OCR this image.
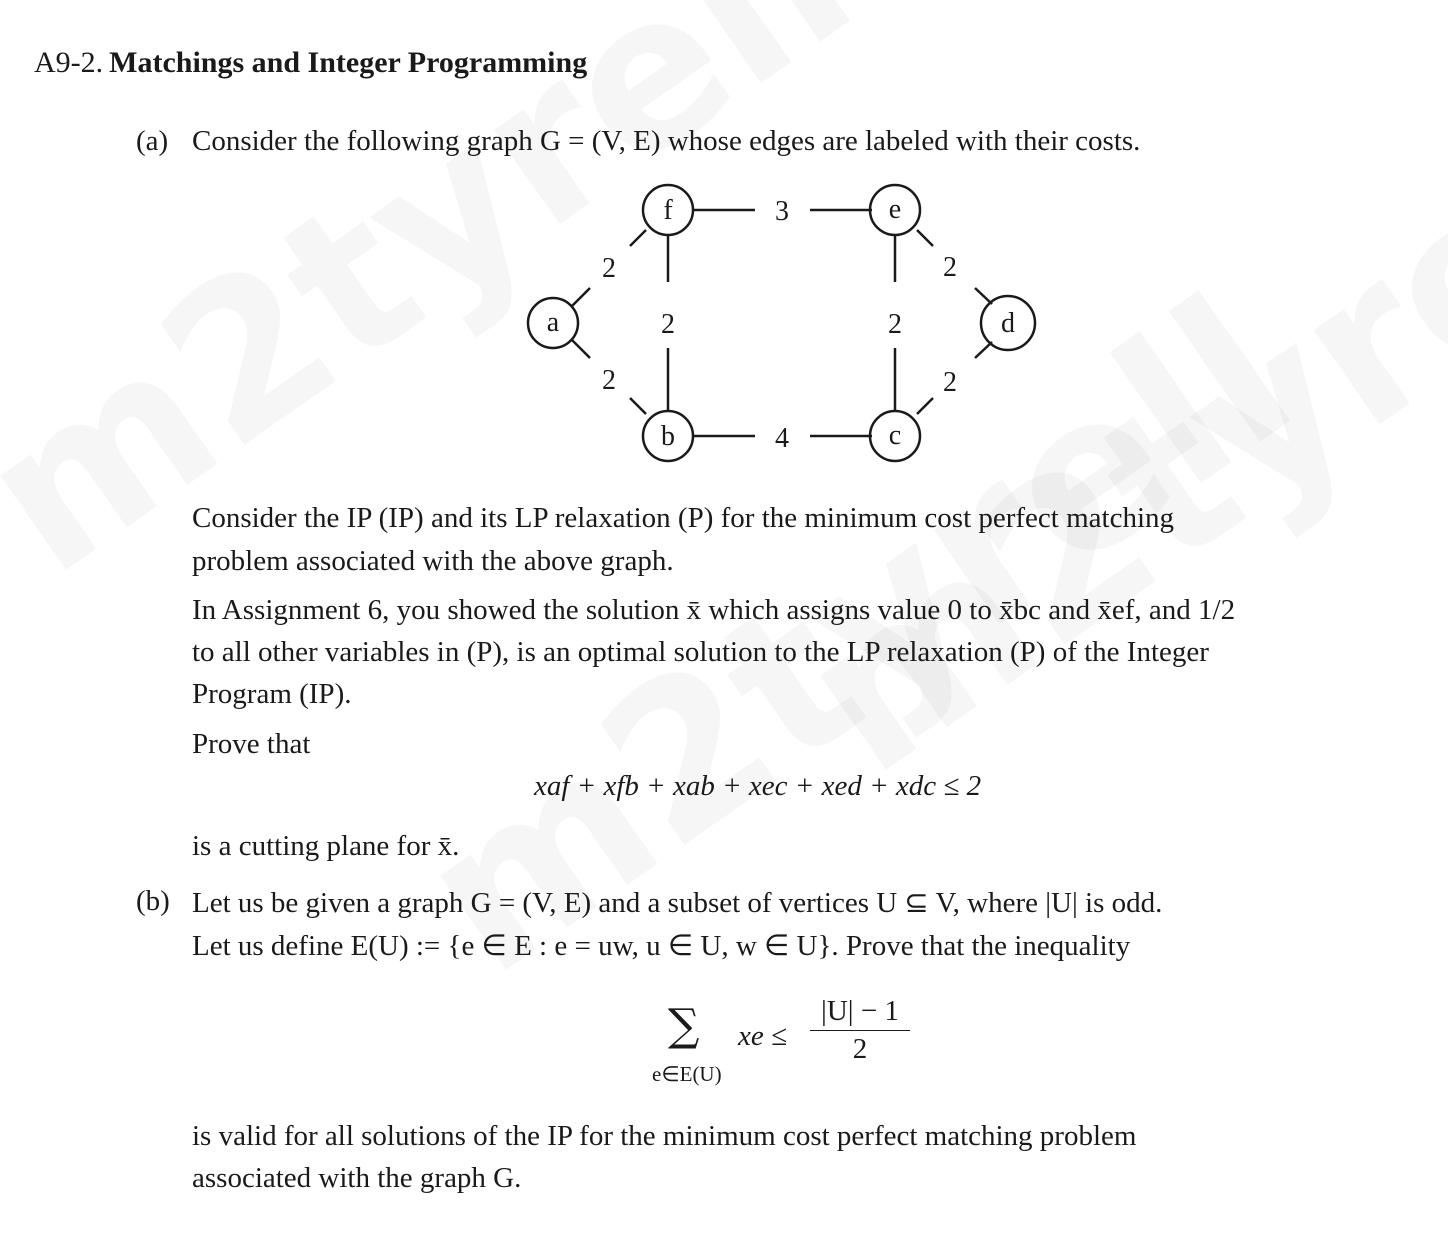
A9-2. Matchings and Integer Programming
(a) Consider the following graph G = (V, E) whose edges are labeled with their costs.
f	e
a	d
b	c
3
4
2
2
2	2
2
2
Consider the IP (IP) and its LP relaxation (P) for the minimum cost perfect matching
problem associated with the above graph.
In Assignment 6, you showed the solution x̄ which assigns value 0 to x̄bc and x̄ef, and 1/2
to all other variables in (P), is an optimal solution to the LP relaxation (P) of the Integer
Program (IP).
Prove that
xaf + xfb + xab + xec + xed + xdc ≤ 2
is a cutting plane for x̄.
(b) Let us be given a graph G = (V, E) and a subset of vertices U ⊆ V, where |U| is odd.
Let us define E(U) := {e ∈ E : e = uw, u ∈ U, w ∈ U}. Prove that the inequality
∑
e∈E(U)
xe ≤
|U| − 1
2
is valid for all solutions of the IP for the minimum cost perfect matching problem
associated with the graph G.
